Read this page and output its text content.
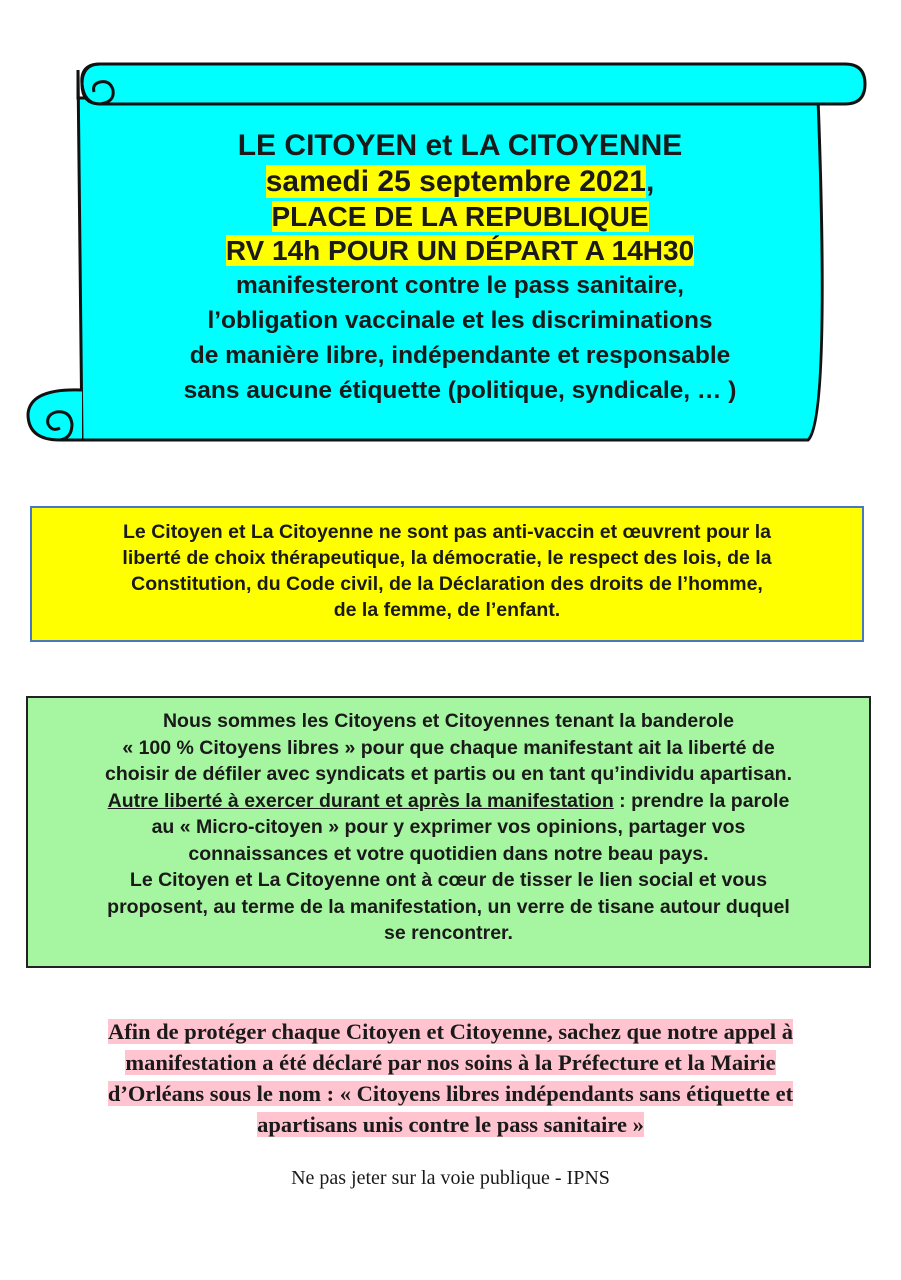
LE CITOYEN et LA CITOYENNE
samedi 25 septembre 2021,
PLACE DE LA REPUBLIQUE
RV 14h POUR UN DÉPART A 14H30
manifesteront contre le pass sanitaire,
l’obligation vaccinale et les discriminations
de manière libre, indépendante et responsable
sans aucune étiquette (politique, syndicale, … )
Le Citoyen et La Citoyenne ne sont pas anti-vaccin et œuvrent pour la
liberté de choix thérapeutique, la démocratie, le respect des lois, de la
Constitution, du Code civil, de la Déclaration des droits de l’homme,
de la femme, de l’enfant.
Nous sommes les Citoyens et Citoyennes tenant la banderole
« 100 % Citoyens libres » pour que chaque manifestant ait la liberté de
choisir de défiler avec syndicats et partis ou en tant qu’individu apartisan.
Autre liberté à exercer durant et après la manifestation : prendre la parole
au « Micro-citoyen » pour y exprimer vos opinions, partager vos
connaissances et votre quotidien dans notre beau pays.
Le Citoyen et La Citoyenne ont à cœur de tisser le lien social et vous
proposent, au terme de la manifestation, un verre de tisane autour duquel
se rencontrer.
Afin de protéger chaque Citoyen et Citoyenne, sachez que notre appel à
manifestation a été déclaré par nos soins à la Préfecture et la Mairie
d’Orléans sous le nom : « Citoyens libres indépendants sans étiquette et
apartisans unis contre le pass sanitaire »
Ne pas jeter sur la voie publique - IPNS
